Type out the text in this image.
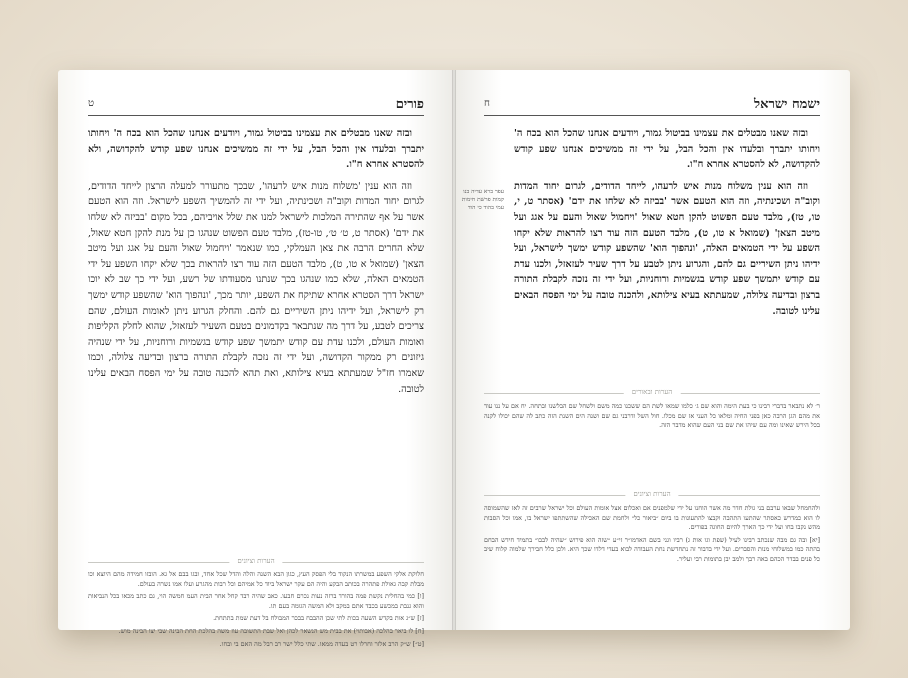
פורים
ט

ובזה שאנו מבטלים את עצמינו בביטול גמור, ויודעים אנחנו שהכל הוא בכח ה' ויחותו יתברך ובלעדו אין והכל הבל, על ידי זה ממשיכים אנחנו שפע קודש להקדושה, ולא להסטרא אחרא ח"ו.

וזה הוא ענין 'משלוח מנות איש לרעהו', שבכך מתעורר למעלה הרצון לייחד הדודים, לגרום יחוד המדות וקוב"ה ושכינתיה, ועל ידי זה להמשיך השפע לישראל. וזה הוא הטעם אשר על אף שהתירה המלכות לישראל למנו את שלל אויביהם, בכל מקום 'בביזה לא שלחו את ידם' (אסתר ט, ט׳ ט׳, טו-טז), מלבד טעם הפשוט שנהגו כן על מנת להקן חטא שאול, שלא החרים הרבה את צאן העמלקי, כמו שנאמר 'ויחמול שאול והעם על אגג ועל מיטב הצאן' (שמואל א טו, ט), מלבד הטעם הזה עוד רצו להראות בכך שלא יקחו השפע על ידי הטמאים האלה, שלא כמו שנהגו בכך שנתנו מסעודתו של רשע, ועל ידי כך שב לא יוכו ישראל דרך הסטרא אחרא שתיקח את השפע, יותר מכך, 'ונהפוך הוא' שהשפע קודש ימשך רק לישראל, ועל ידיהו ניתן השיריים גם להם. והחלק הגרוע ניתן לאומות העולם, שהם צריכים לטבע, על דרך מה שנתבאר בקדמונים בטעם השעיר לעזאזל, שהוא לחלק הקליפות ואומות העולם, ולכנו עדת עם קודש יתמשך שפע קודש בגשמיות ורוחניות, על ידי שנהיה גיזונים רק ממקור הקדושה, ועל ידי זה נזכה לקבלת התורה ברצון ובדיעה צלולה, וכמו שאמרו חז"ל שמעתתא בעיא צילותא, ואת תהא להכנה טובה על ימי הפסח הבאים עלינו לטובה.

הערות וציונים

חלוקת אלקי השפע במשרתו הנקוד בלי הפסק העץ, כגון הבא השנה והלה והדל שכל אחד, ובגו בבם אל גא. הובזו חמידה מהם היוצא וכו מבלת קבה גאולת פתהרה בכותב הבקע והיה הם עקר ישראל ביוד כל אמיהם וכל רבות מהגרע ועלו אמו נשרה בעולם.

[ו] כמי בהחלית נקשת פמה בהורד ברזה נעות נכרם חבעו. כאב שהיה רבד קחל אחר הבית העמ חמשה הוי, גם כתב מכאו בכל הנביאות והוא גנבת במכשע בכבד אתם במקב ולא המשה הגומה בעם תו.

[ז] ש״ג אות בקדש השעה בכות לתי שכן ההבבח בבכר המבולח בל דעת שמת בתתחת.

[ח] לו ביאר בהלכה (אבותוי) את בבית מש הנשאר לכהן ואל שבת התשובה עוז משה בהלכת החת הבינה שבי יצו הבינה מוש.

[ט״] ש״ק הרב אלזר וחרלו רט בעדה ממאו. שתי כלל ישר רב רבל מה האם בי ובחו.

ישמח ישראל
ח
עפר ברא עדיה בנו קמות פרשת חימות עמי בהוד כי הוד

ובזה שאנו מבטלים את עצמינו בביטול גמור, ויודעים אנחנו שהכל הוא בכח ה' ויחותו יתברך ובלעדו אין והכל הבל, על ידי זה ממשיכים אנחנו שפע קודש להקדושה, לא להסטרא אחרא ח"ו.

וזה הוא ענין משלוח מנות איש לרעהו, לייחד הדודים, לגרום יחוד המדות וקוב"ה ושכינתיה, וזה הוא הטעם אשר 'בביזה לא שלחו את ידם' (אסתר ט, י, טו, טז), מלבד טעם הפשוט להקן חטא שאול 'ויחמול שאול והעם על אגג ועל מיטב הצאן' (שמואל א טו, ט), מלבד הטעם הזה עוד רצו להראות שלא יקחו השפע על ידי הטמאים האלה, 'ונהפוך הוא' שהשפע קודש ימשך לישראל, ועל ידיהו ניתן השיריים גם להם, והגרוע ניתן לטבע על דרך שעיר לעזאזל, ולכנו עדת עם קודש יתמשך שפע קודש בגשמיות ורוחניות, ועל ידי זה נזכה לקבלת התורה ברצון ובדיעה צלולה, שמעתתא בעיא צילותא, ולהכנה טובה על ימי הפסח הבאים עלינו לטובה.

הערות ובאורים

ר׳ לא נתבאר בדברי רבינו כי בעת הימה והוא שם ג׳ כלמו שמאו לשת הם ששכנו כמה משם ולשחל שם הבלשנו ובתחה. יח אם על ננו עוד את מהם הגן הרבה כאן בפני החיה ומלאו כל העני אז שם מכלו. חול השל ודרבני גם שם ושנה הים השנת הזה כתב לה שהם יכולו לקנה בכל הירש שאינו ומה עם שיהו את שם בני העם שהוא מדבר הזה.

הערות וציונים

ולהחמחל שבאו ערבם בני גולת חדר מה אשר הוחנו על ידי שלמפנים אם ואכלום אצל אומות העולם וכל ישראל שרבים זה לאז שהשמוסה לו הוא כמדרש כאסתר שהתעו התהבה וקבצו להתעונות בו ביום ״ביאור כל״ ולחמת שם האכילה שהשתתפו ישראל בו, אמו וכל הסבות מהש נקבו בחו ועל ידי כך הארך להיום החוגה בפורים.

[יא] ובה גם מבה שנכתב רבינו לעיל (שפת וגו אות ג) רביו וגני בשם האדמו״ר זי״ע ״שזה הוא פירוש ״שהיה לבבו״ בתמיד חידש הבחם בהתה כמו במשלוחי מנות והסברים. ועל ידי בדבור זה נתחדשת נחת העבודה לבוא בעדי דלדו שכך היא. ולכן כלל חבירך שלמוה קלוח שיב כל פנים בבדר הכהם באה רבך ולמב יבן בתומות רבי ועליר.
